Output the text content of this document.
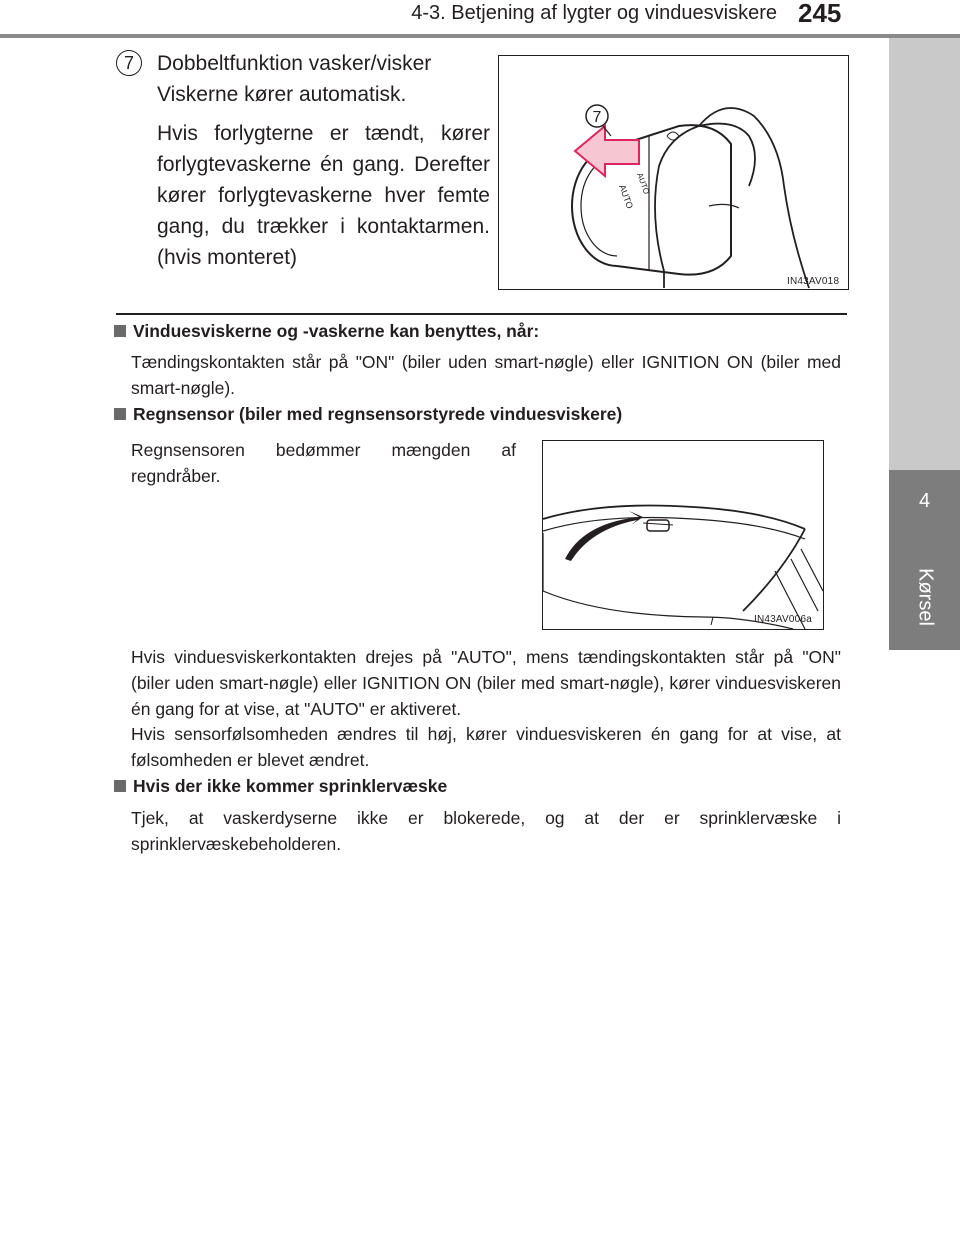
4-3. Betjening af lygter og vinduesviskere 245
4
Kørsel
7	Dobbeltfunktion vasker/visker

Viskerne kører automatisk.

Hvis forlygterne er tændt, kører forlygtevaskerne én gang. Derefter kører forlygtevaskerne hver femte gang, du trækker i kontaktarmen. (hvis monteret)

AUTO AUTO
7
IN43AV018
Vinduesviskerne og -vaskerne kan benyttes, når:
Tændingskontakten står på "ON" (biler uden smart-nøgle) eller IGNITION ON (biler med smart-nøgle).
Regnsensor (biler med regnsensorstyrede vinduesviskere)
Regnsensoren bedømmer mængden af regndråber.
IN43AV006a
Hvis vinduesviskerkontakten drejes på "AUTO", mens tændingskontakten står på "ON" (biler uden smart-nøgle) eller IGNITION ON (biler med smart-nøgle), kører vinduesviskeren én gang for at vise, at "AUTO" er aktiveret.
Hvis sensorfølsomheden ændres til høj, kører vinduesviskeren én gang for at vise, at følsomheden er blevet ændret.
Hvis der ikke kommer sprinklervæske
Tjek, at vaskerdyserne ikke er blokerede, og at der er sprinklervæske i sprinklervæskebeholderen.
